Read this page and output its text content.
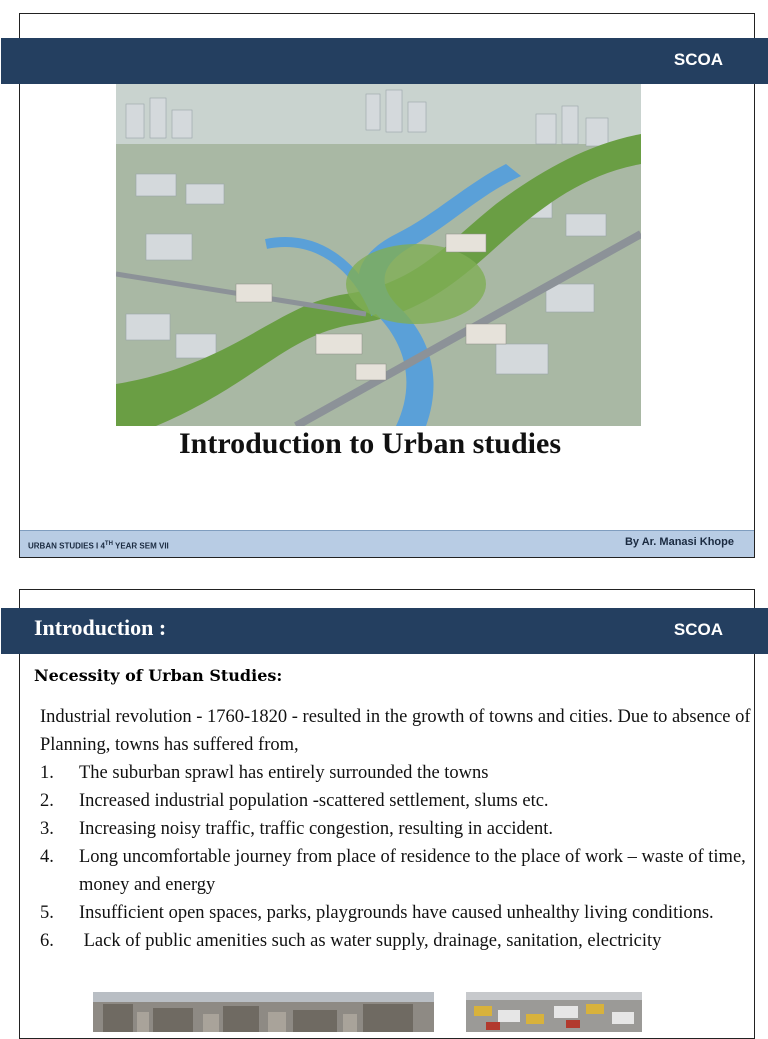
SCOA
Introduction to Urban studies
URBAN STUDIES I 4TH YEAR SEM VII	By Ar. Manasi Khope
Introduction :	SCOA
Necessity of Urban Studies:

Industrial revolution - 1760-1820 - resulted in the growth of towns and cities. Due to absence of Planning, towns has suffered from,

1. The suburban sprawl has entirely surrounded the towns
2. Increased industrial population -scattered settlement, slums etc.
3. Increasing noisy traffic, traffic congestion, resulting in accident.
4. Long uncomfortable journey from place of residence to the place of work – waste of time, money and energy
5. Insufficient open spaces, parks, playgrounds have caused unhealthy living conditions.
6. Lack of public amenities such as water supply, drainage, sanitation, electricity
